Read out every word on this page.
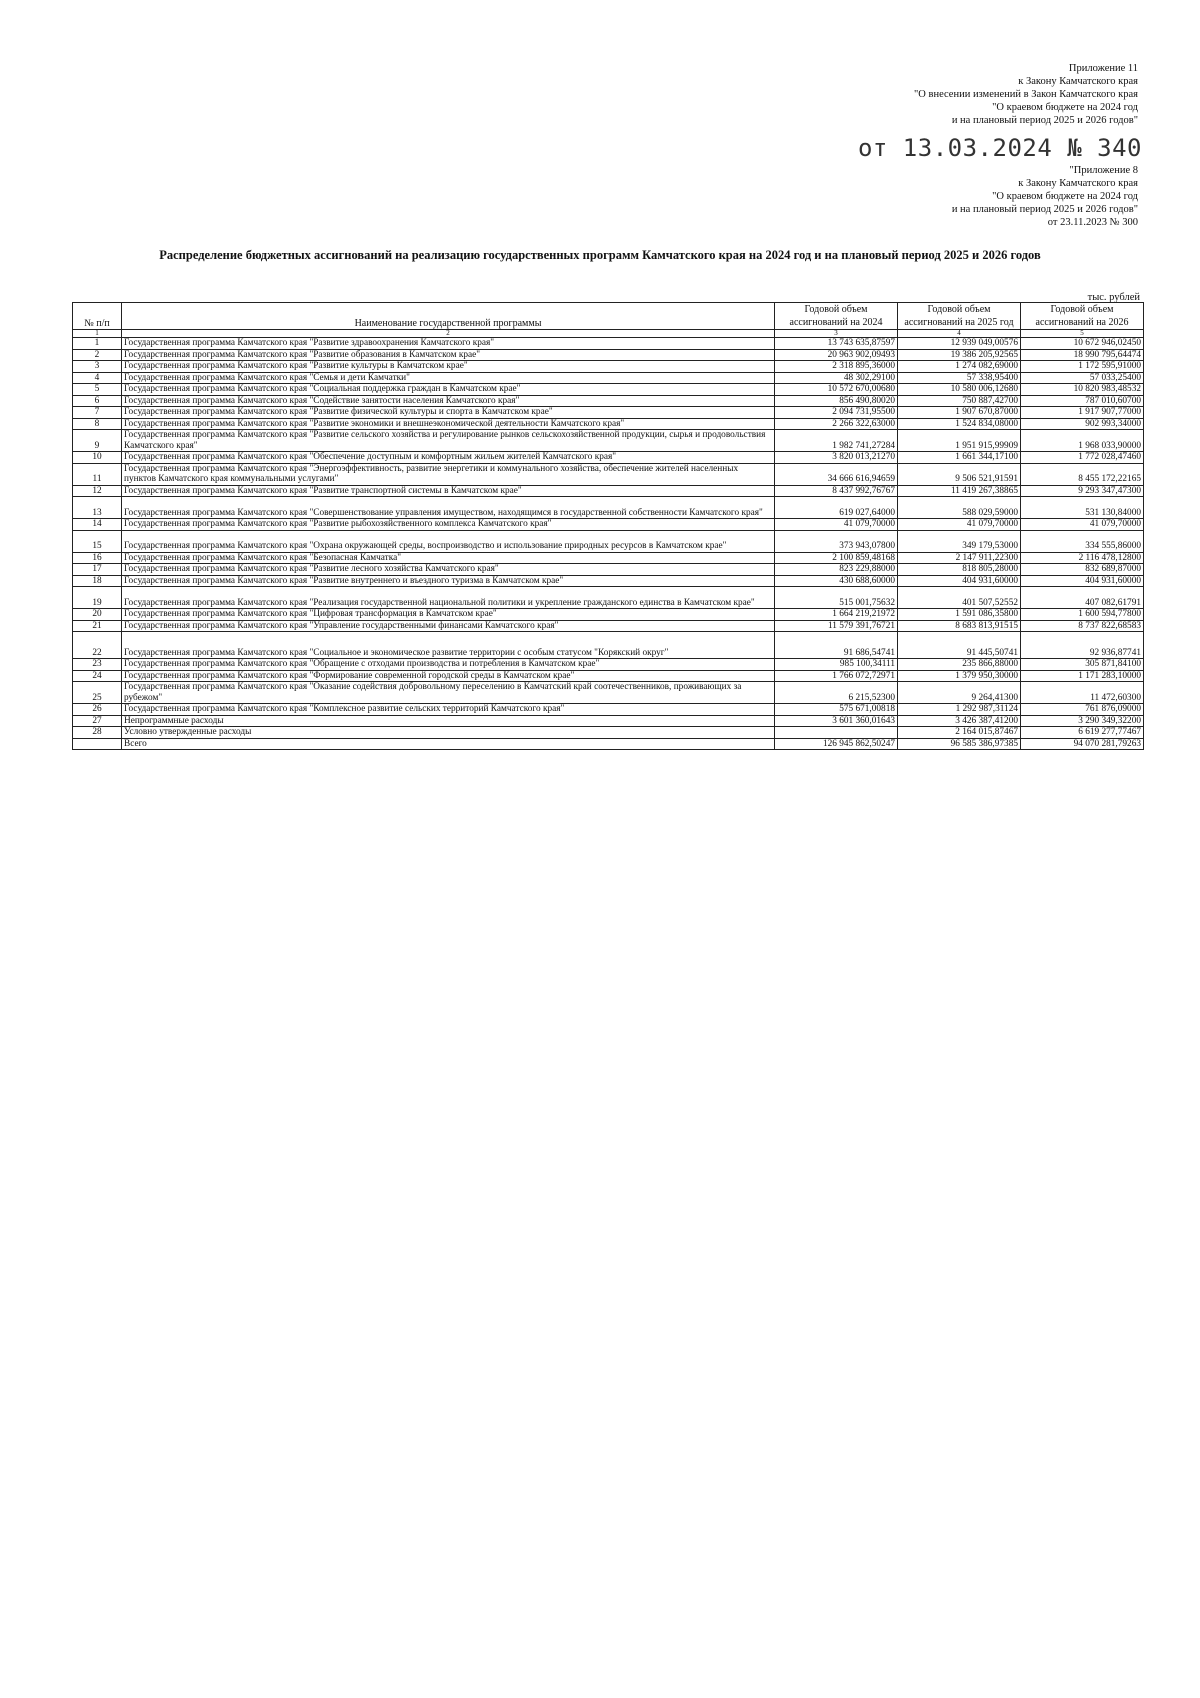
Приложение 11
к Закону Камчатского края
"О внесении изменений в Закон Камчатского края
"О краевом бюджете на 2024 год
и на плановый период 2025 и 2026 годов"
от 13.03.2024 № 340
"Приложение 8
к Закону Камчатского края
"О краевом бюджете на 2024 год
и на плановый период 2025 и 2026 годов"
от 23.11.2023 № 300
Распределение бюджетных ассигнований на реализацию государственных программ Камчатского края на 2024 год и на плановый период 2025 и 2026 годов
тыс. рублей
№ п/п	Наименование государственной программы	Годовой объем ассигнований на 2024	Годовой объем ассигнований на 2025 год	Годовой объем ассигнований на 2026
1	2	3	4	5
1	Государственная программа Камчатского края "Развитие здравоохранения Камчатского края"	13 743 635,87597	12 939 049,00576	10 672 946,02450
2	Государственная программа Камчатского края "Развитие образования в Камчатском крае"	20 963 902,09493	19 386 205,92565	18 990 795,64474
3	Государственная программа Камчатского края "Развитие культуры в Камчатском крае"	2 318 895,36000	1 274 082,69000	1 172 595,91000
4	Государственная программа Камчатского края "Семья и дети Камчатки"	48 302,29100	57 338,95400	57 033,25400
5	Государственная программа Камчатского края "Социальная поддержка граждан в Камчатском крае"	10 572 670,00680	10 580 006,12680	10 820 983,48532
6	Государственная программа Камчатского края "Содействие занятости населения Камчатского края"	856 490,80020	750 887,42700	787 010,60700
7	Государственная программа Камчатского края "Развитие физической культуры и спорта в Камчатском крае"	2 094 731,95500	1 907 670,87000	1 917 907,77000
8	Государственная программа Камчатского края "Развитие экономики и внешнеэкономической деятельности Камчатского края"	2 266 322,63000	1 524 834,08000	902 993,34000
9	Государственная программа Камчатского края "Развитие сельского хозяйства и регулирование рынков сельскохозяйственной продукции, сырья и продовольствия Камчатского края"	1 982 741,27284	1 951 915,99909	1 968 033,90000
10	Государственная программа Камчатского края "Обеспечение доступным и комфортным жильем жителей Камчатского края"	3 820 013,21270	1 661 344,17100	1 772 028,47460
11	Государственная программа Камчатского края "Энергоэффективность, развитие энергетики и коммунального хозяйства, обеспечение жителей населенных пунктов Камчатского края коммунальными услугами"	34 666 616,94659	9 506 521,91591	8 455 172,22165
12	Государственная программа Камчатского края "Развитие транспортной системы в Камчатском крае"	8 437 992,76767	11 419 267,38865	9 293 347,47300
13	Государственная программа Камчатского края "Совершенствование управления имуществом, находящимся в государственной собственности Камчатского края"	619 027,64000	588 029,59000	531 130,84000
14	Государственная программа Камчатского края "Развитие рыбохозяйственного комплекса Камчатского края"	41 079,70000	41 079,70000	41 079,70000
15	Государственная программа Камчатского края "Охрана окружающей среды, воспроизводство и использование природных ресурсов в Камчатском крае"	373 943,07800	349 179,53000	334 555,86000
16	Государственная программа Камчатского края "Безопасная Камчатка"	2 100 859,48168	2 147 911,22300	2 116 478,12800
17	Государственная программа Камчатского края "Развитие лесного хозяйства Камчатского края"	823 229,88000	818 805,28000	832 689,87000
18	Государственная программа Камчатского края "Развитие внутреннего и въездного туризма в Камчатском крае"	430 688,60000	404 931,60000	404 931,60000
19	Государственная программа Камчатского края "Реализация государственной национальной политики и укрепление гражданского единства в Камчатском крае"	515 001,75632	401 507,52552	407 082,61791
20	Государственная программа Камчатского края "Цифровая трансформация в Камчатском крае"	1 664 219,21972	1 591 086,35800	1 600 594,77800
21	Государственная программа Камчатского края "Управление государственными финансами Камчатского края"	11 579 391,76721	8 683 813,91515	8 737 822,68583
22	Государственная программа Камчатского края "Социальное и экономическое развитие территории с особым статусом "Корякский округ"	91 686,54741	91 445,50741	92 936,87741
23	Государственная программа Камчатского края "Обращение с отходами производства и потребления в Камчатском крае"	985 100,34111	235 866,88000	305 871,84100
24	Государственная программа Камчатского края "Формирование современной городской среды в Камчатском крае"	1 766 072,72971	1 379 950,30000	1 171 283,10000
25	Государственная программа Камчатского края "Оказание содействия добровольному переселению в Камчатский край соотечественников, проживающих за рубежом"	6 215,52300	9 264,41300	11 472,60300
26	Государственная программа Камчатского края "Комплексное развитие сельских территорий Камчатского края"	575 671,00818	1 292 987,31124	761 876,09000
27	Непрограммные расходы	3 601 360,01643	3 426 387,41200	3 290 349,32200
28	Условно утвержденные расходы		2 164 015,87467	6 619 277,77467
	Всего	126 945 862,50247	96 585 386,97385	94 070 281,79263
